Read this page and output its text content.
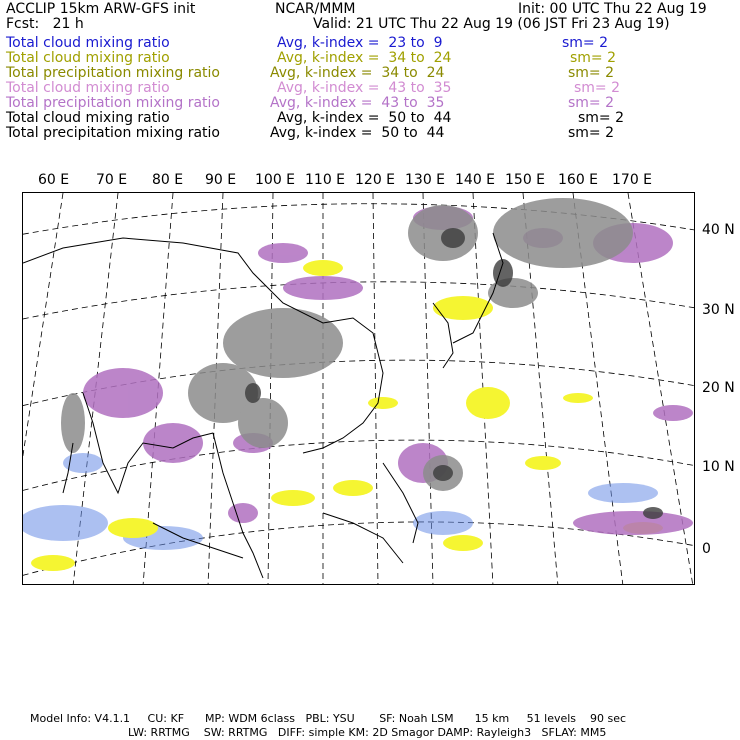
ACCLIP 15km ARW-GFS init	NCAR/MMM	Init: 00 UTC Thu 22 Aug 19
Fcst:   21 h	Valid: 21 UTC Thu 22 Aug 19 (06 JST Fri 23 Aug 19)
Total cloud mixing ratio	Avg, k-index =  23 to  9	sm= 2
Total cloud mixing ratio	Avg, k-index =  34 to  24	sm= 2
Total precipitation mixing ratio	Avg, k-index =  34 to  24	sm= 2
Total cloud mixing ratio	Avg, k-index =  43 to  35	sm= 2
Total precipitation mixing ratio	Avg, k-index =  43 to  35	sm= 2
Total cloud mixing ratio	Avg, k-index =  50 to  44	sm= 2
Total precipitation mixing ratio	Avg, k-index =  50 to  44	sm= 2
60 E 70 E 80 E 90 E 100 E 110 E 120 E 130 E 140 E 150 E 160 E 170 E
40 N
30 N
20 N
10 N
0
Model Info: V4.1.1     CU: KF      MP: WDM 6class   PBL: YSU       SF: Noah LSM      15 km     51 levels    90 sec
LW: RRTMG    SW: RRTMG   DIFF: simple KM: 2D Smagor DAMP: Rayleigh3   SFLAY: MM5
